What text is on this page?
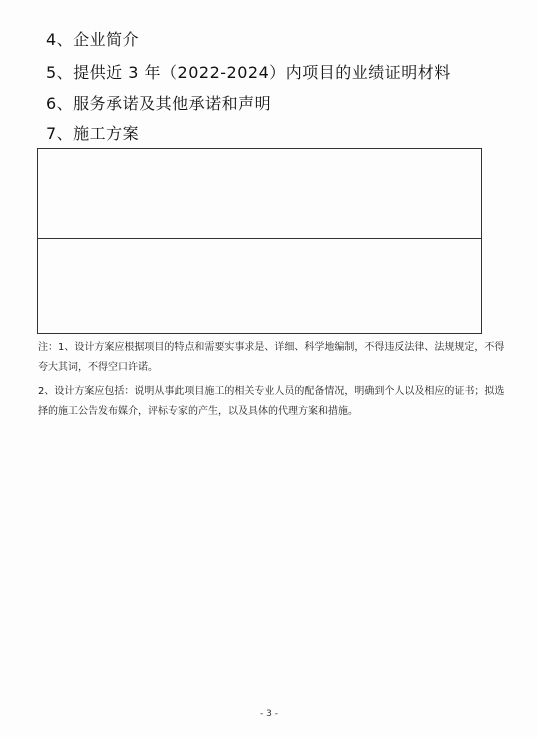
4、企业简介
5、提供近 3 年（2022-2024）内项目的业绩证明材料
6、服务承诺及其他承诺和声明
7、施工方案
注：1、设计方案应根据项目的特点和需要实事求是、详细、科学地编制，不得违反法律、法规规定，不得夸大其词，不得空口许诺。
2、设计方案应包括：说明从事此项目施工的相关专业人员的配备情况，明确到个人以及相应的证书；拟选择的施工公告发布媒介，评标专家的产生，以及具体的代理方案和措施。
- 3 -
